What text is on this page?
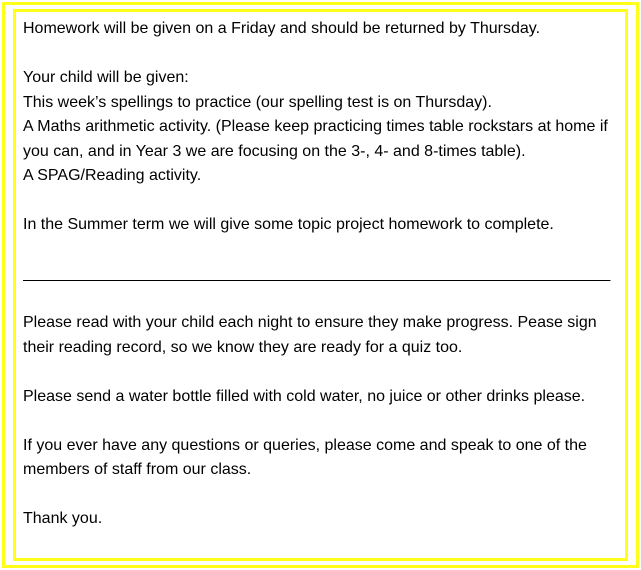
Homework will be given on a Friday and should be returned by Thursday.

Your child will be given:

This week’s spellings to practice (our spelling test is on Thursday).

A Maths arithmetic activity. (Please keep practicing times table rockstars at home if you can, and in Year 3 we are focusing on the 3-, 4- and 8-times table).

A SPAG/Reading activity.

In the Summer term we will give some topic project homework to complete.

__________________________________________________________________

Please read with your child each night to ensure they make progress. Pease sign their reading record, so we know they are ready for a quiz too.

Please send a water bottle filled with cold water, no juice or other drinks please.

If you ever have any questions or queries, please come and speak to one of the members of staff from our class.

Thank you.
